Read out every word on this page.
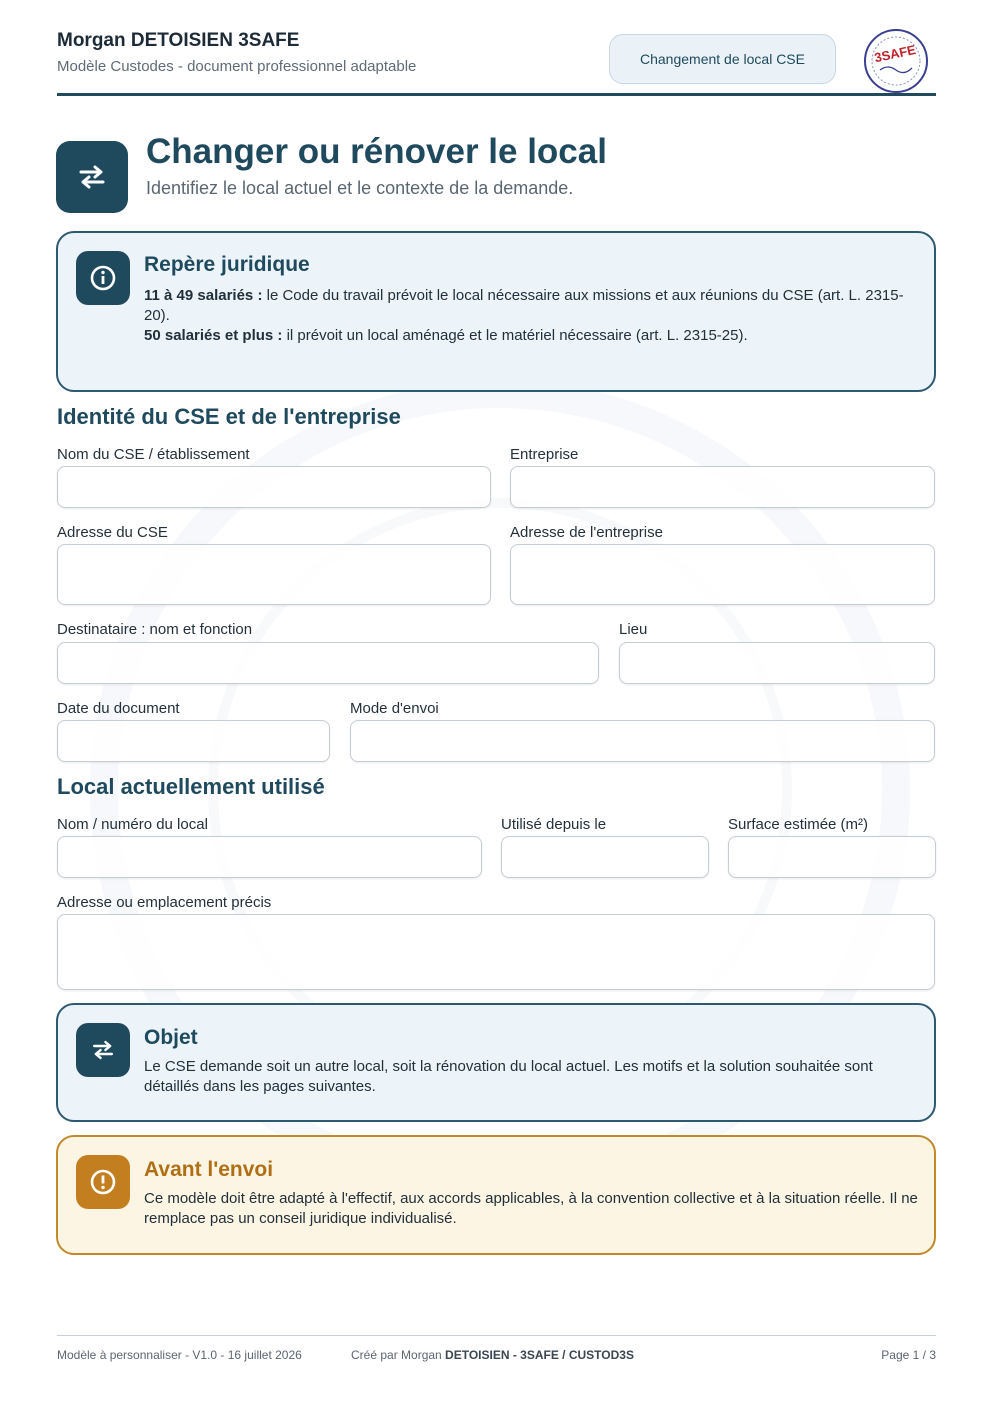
Morgan DETOISIEN 3SAFE
Modèle Custodes - document professionnel adaptable	Changement de local CSE	3SAFE
Changer ou rénover le local
Identifiez le local actuel et le contexte de la demande.
Repère juridique
11 à 49 salariés : le Code du travail prévoit le local nécessaire aux missions et aux réunions du CSE (art. L. 2315-20).
50 salariés et plus : il prévoit un local aménagé et le matériel nécessaire (art. L. 2315-25).
Identité du CSE et de l'entreprise
Nom du CSE / établissement	Entreprise
Adresse du CSE	Adresse de l'entreprise
Destinataire : nom et fonction	Lieu
Date du document	Mode d'envoi
Local actuellement utilisé
Nom / numéro du local	Utilisé depuis le	Surface estimée (m²)
Adresse ou emplacement précis
Objet
Le CSE demande soit un autre local, soit la rénovation du local actuel. Les motifs et la solution souhaitée sont détaillés dans les pages suivantes.
Avant l'envoi
Ce modèle doit être adapté à l'effectif, aux accords applicables, à la convention collective et à la situation réelle. Il ne remplace pas un conseil juridique individualisé.
Modèle à personnaliser - V1.0 - 16 juillet 2026	Créé par Morgan DETOISIEN - 3SAFE / CUSTOD3S	Page 1 / 3
